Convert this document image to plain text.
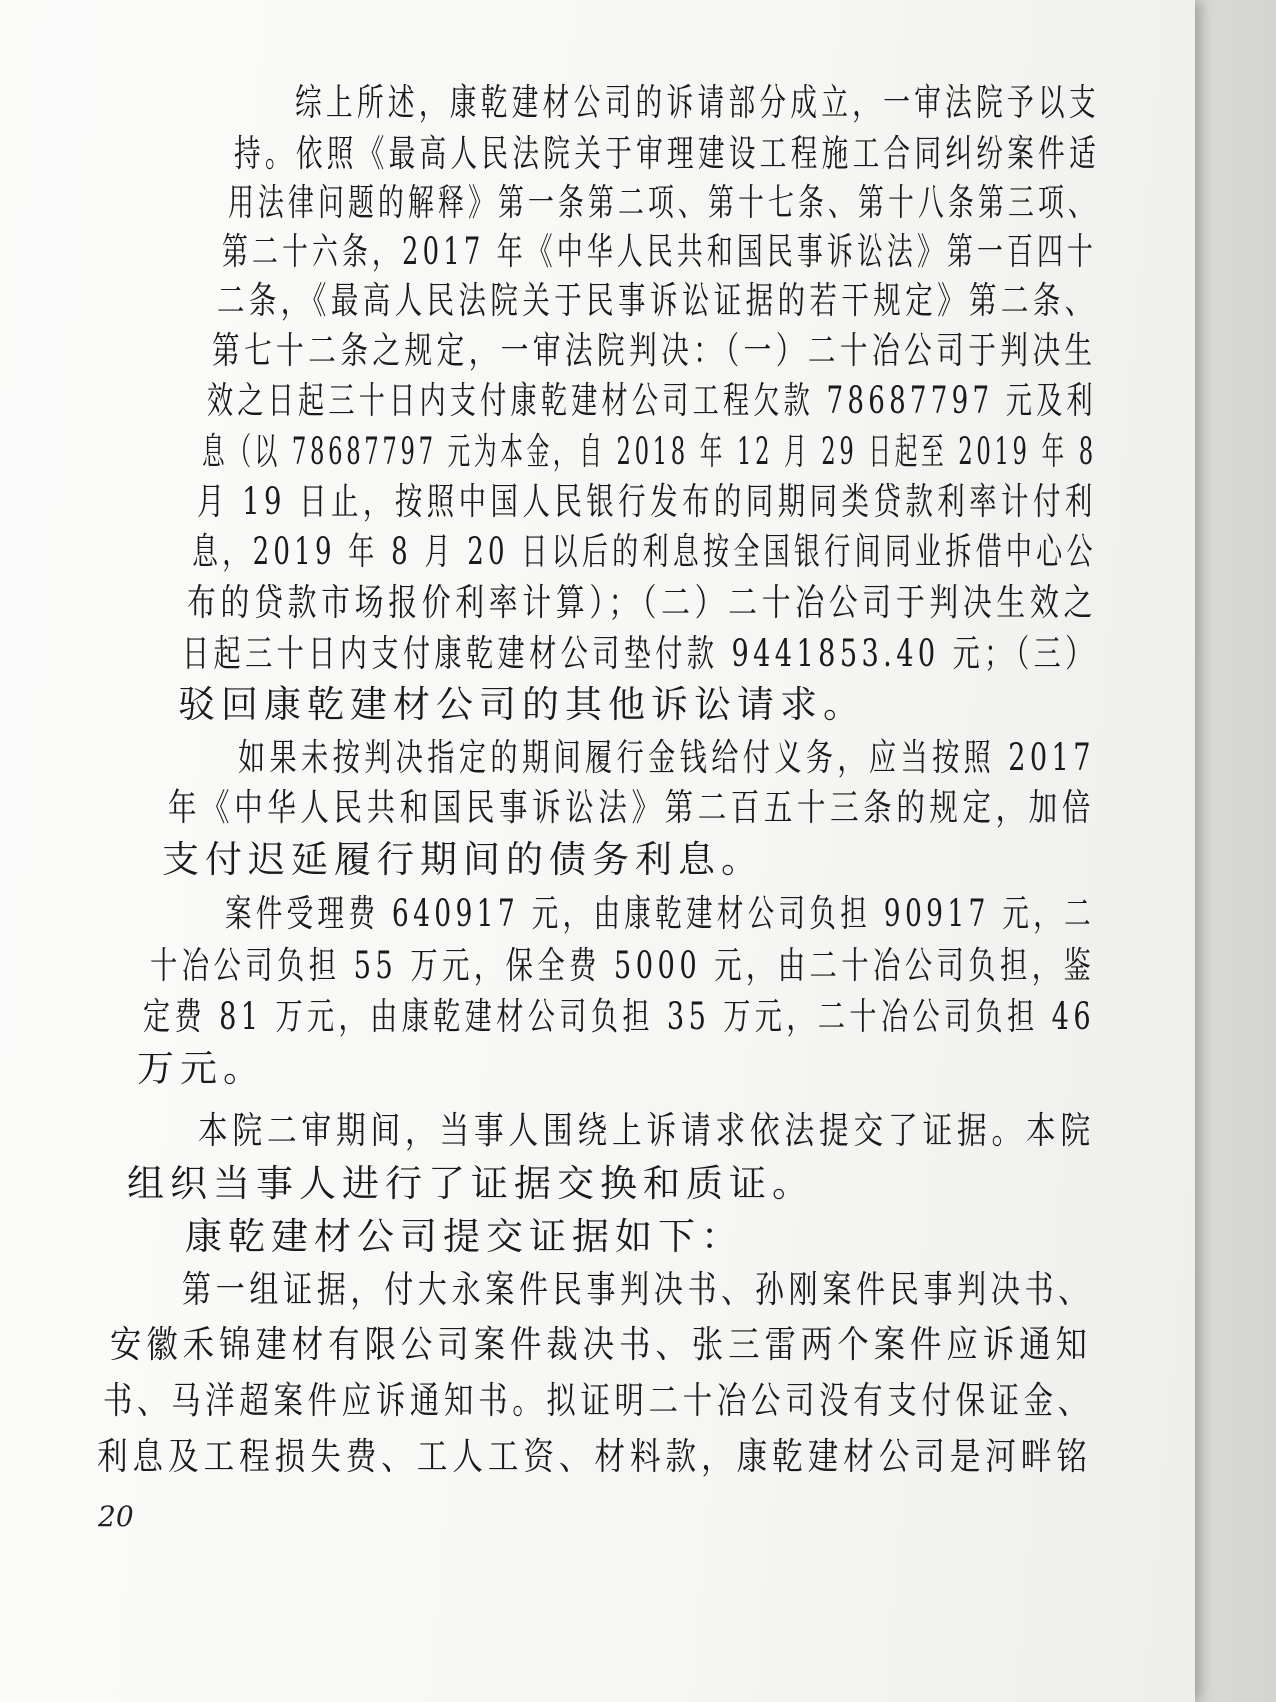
综上所述，康乾建材公司的诉请部分成立，一审法院予以支
持。依照《最高人民法院关于审理建设工程施工合同纠纷案件适
用法律问题的解释》第一条第二项、第十七条、第十八条第三项、
第二十六条，2017 年《中华人民共和国民事诉讼法》第一百四十
二条，《最高人民法院关于民事诉讼证据的若干规定》第二条、
第七十二条之规定，一审法院判决：（一）二十冶公司于判决生
效之日起三十日内支付康乾建材公司工程欠款 78687797 元及利
息（以 78687797 元为本金，自 2018 年 12 月 29 日起至 2019 年 8
月 19 日止，按照中国人民银行发布的同期同类贷款利率计付利
息，2019 年 8 月 20 日以后的利息按全国银行间同业拆借中心公
布的贷款市场报价利率计算）；（二）二十冶公司于判决生效之
日起三十日内支付康乾建材公司垫付款 9441853.40 元；（三）
驳回康乾建材公司的其他诉讼请求。
如果未按判决指定的期间履行金钱给付义务，应当按照 2017
年《中华人民共和国民事诉讼法》第二百五十三条的规定，加倍
支付迟延履行期间的债务利息。
案件受理费 640917 元，由康乾建材公司负担 90917 元，二
十冶公司负担 55 万元，保全费 5000 元，由二十冶公司负担，鉴
定费 81 万元，由康乾建材公司负担 35 万元，二十冶公司负担 46
万元。
本院二审期间，当事人围绕上诉请求依法提交了证据。本院
组织当事人进行了证据交换和质证。
康乾建材公司提交证据如下：
第一组证据，付大永案件民事判决书、孙刚案件民事判决书、
安徽禾锦建材有限公司案件裁决书、张三雷两个案件应诉通知
书、马洋超案件应诉通知书。拟证明二十冶公司没有支付保证金、
利息及工程损失费、工人工资、材料款，康乾建材公司是河畔铭
20
